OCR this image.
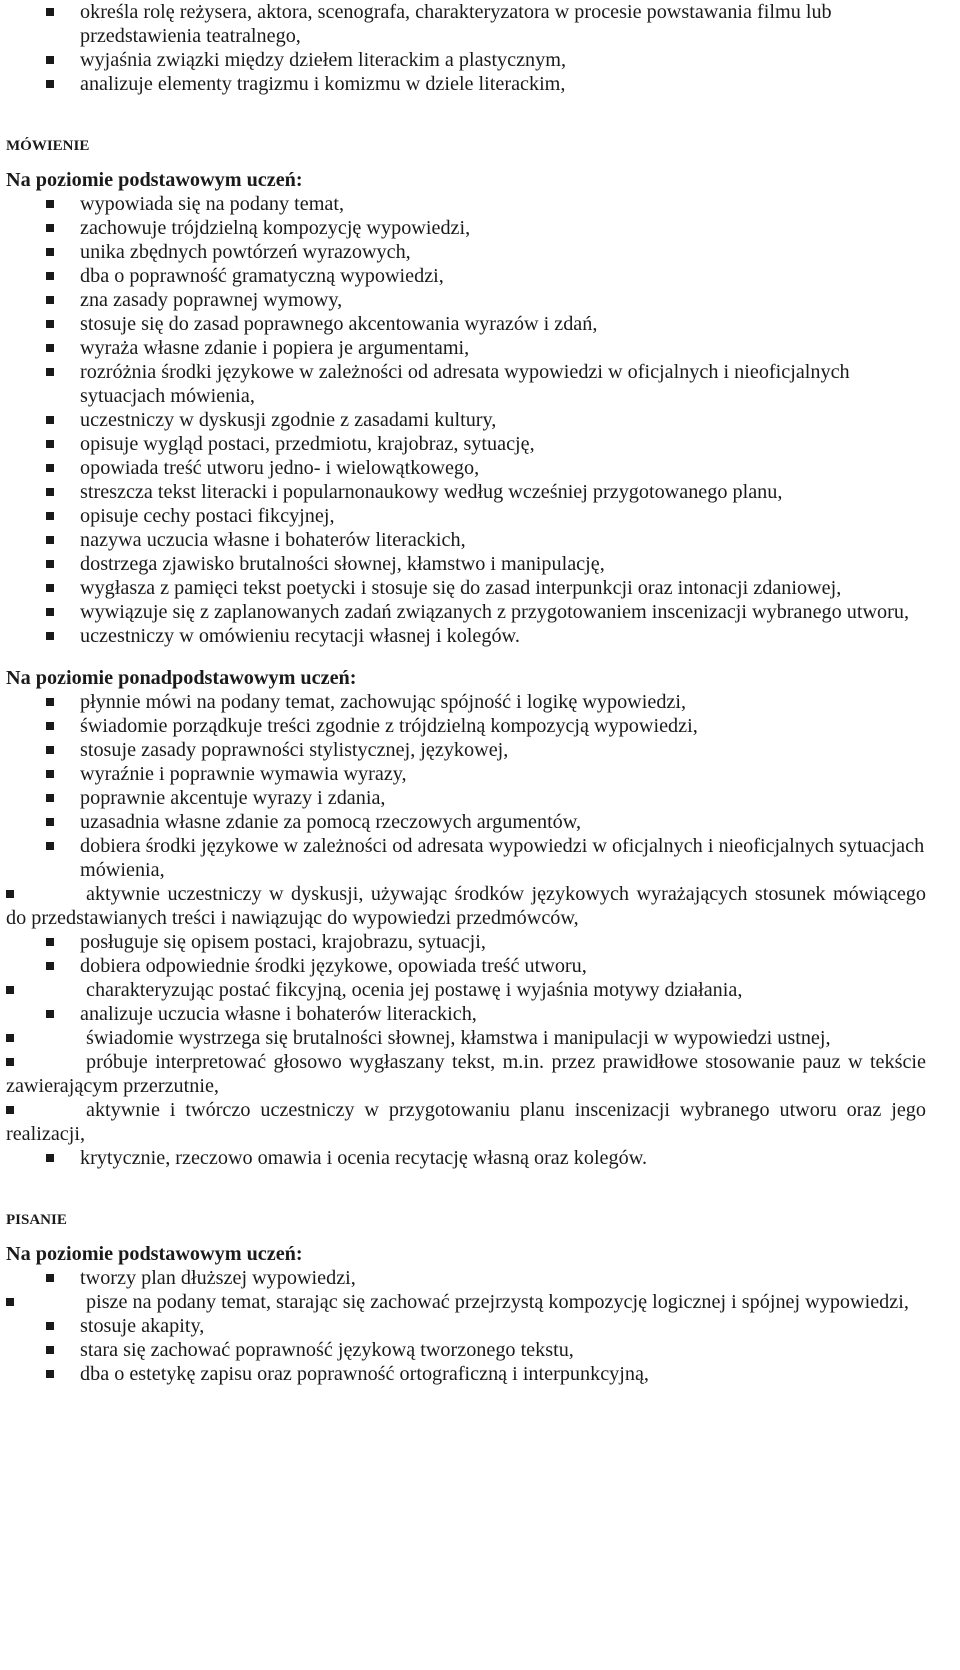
określa rolę reżysera, aktora, scenografa, charakteryzatora w procesie powstawania filmu lub przedstawienia teatralnego,
wyjaśnia związki między dziełem literackim a plastycznym,
analizuje elementy tragizmu i komizmu w dziele literackim,

MÓWIENIE

Na poziomie podstawowym uczeń:

wypowiada się na podany temat,
zachowuje trójdzielną kompozycję wypowiedzi,
unika zbędnych powtórzeń wyrazowych,
dba o poprawność gramatyczną wypowiedzi,
zna zasady poprawnej wymowy,
stosuje się do zasad poprawnego akcentowania wyrazów i zdań,
wyraża własne zdanie i popiera je argumentami,
rozróżnia środki językowe w zależności od adresata wypowiedzi w oficjalnych i nieoficjalnych sytuacjach mówienia,
uczestniczy w dyskusji zgodnie z zasadami kultury,
opisuje wygląd postaci, przedmiotu, krajobraz, sytuację,
opowiada treść utworu jedno- i wielowątkowego,
streszcza tekst literacki i popularnonaukowy według wcześniej przygotowanego planu,
opisuje cechy postaci fikcyjnej,
nazywa uczucia własne i bohaterów literackich,
dostrzega zjawisko brutalności słownej, kłamstwo i manipulację,
wygłasza z pamięci tekst poetycki i stosuje się do zasad interpunkcji oraz intonacji zdaniowej,
wywiązuje się z zaplanowanych zadań związanych z przygotowaniem inscenizacji wybranego utworu,
uczestniczy w omówieniu recytacji własnej i kolegów.

Na poziomie ponadpodstawowym uczeń:

płynnie mówi na podany temat, zachowując spójność i logikę wypowiedzi,
świadomie porządkuje treści zgodnie z trójdzielną kompozycją wypowiedzi,
stosuje zasady poprawności stylistycznej, językowej,
wyraźnie i poprawnie wymawia wyrazy,
poprawnie akcentuje wyrazy i zdania,
uzasadnia własne zdanie za pomocą rzeczowych argumentów,
dobiera środki językowe w zależności od adresata wypowiedzi w oficjalnych i nieoficjalnych sytuacjach mówienia,
aktywnie uczestniczy w dyskusji, używając środków językowych wyrażających stosunek mówiącego do przedstawianych treści i nawiązując do wypowiedzi przedmówców,
posługuje się opisem postaci, krajobrazu, sytuacji,
dobiera odpowiednie środki językowe, opowiada treść utworu,
charakteryzując postać fikcyjną, ocenia jej postawę i wyjaśnia motywy działania,
analizuje uczucia własne i bohaterów literackich,
świadomie wystrzega się brutalności słownej, kłamstwa i manipulacji w wypowiedzi ustnej,
próbuje interpretować głosowo wygłaszany tekst, m.in. przez prawidłowe stosowanie pauz w tekście zawierającym przerzutnie,
aktywnie i twórczo uczestniczy w przygotowaniu planu inscenizacji wybranego utworu oraz jego realizacji,
krytycznie, rzeczowo omawia i ocenia recytację własną oraz kolegów.

PISANIE

Na poziomie podstawowym uczeń:

tworzy plan dłuższej wypowiedzi,
pisze na podany temat, starając się zachować przejrzystą kompozycję logicznej i spójnej wypowiedzi,
stosuje akapity,
stara się zachować poprawność językową tworzonego tekstu,
dba o estetykę zapisu oraz poprawność ortograficzną i interpunkcyjną,
